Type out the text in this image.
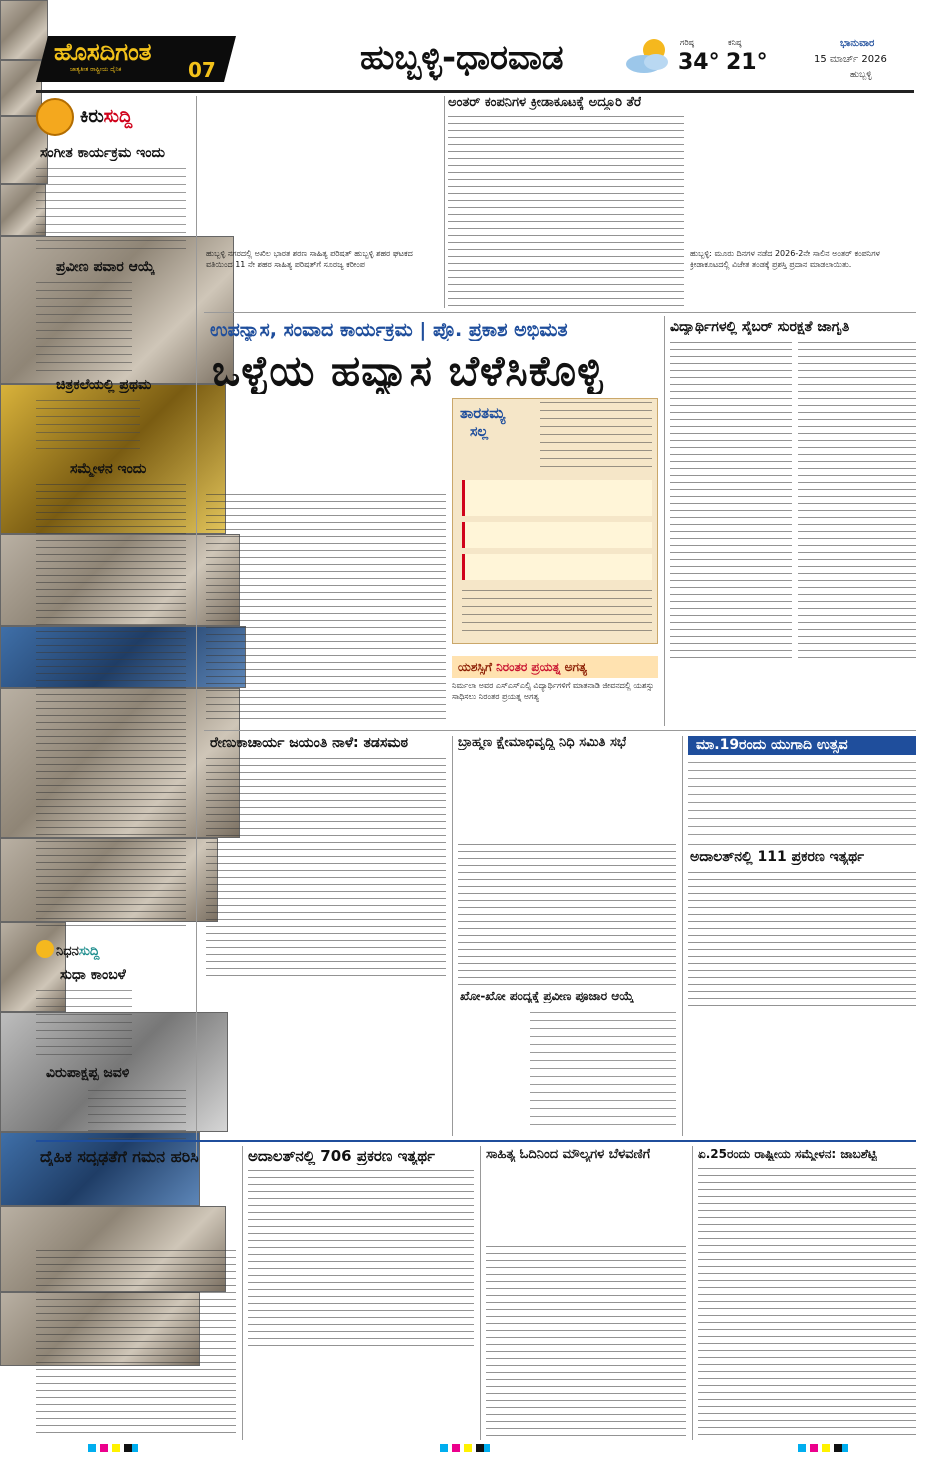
ಹೊಸದಿಗಂತ
ಜಾತ್ಯತೀತ ರಾಷ್ಟ್ರೀಯ ದೈನಿಕ	07	ಹುಬ್ಬಳ್ಳಿ-ಧಾರವಾಡ	ಗರಿಷ್ಠ
34°
ಕನಿಷ್ಠ
21°
ಭಾನುವಾರ
15 ಮಾರ್ಚ್ 2026
ಹುಬ್ಬಳ್ಳಿ
ಕಿರುಸುದ್ದಿ
ಸಂಗೀತ ಕಾರ್ಯಕ್ರಮ ಇಂದು
ಪ್ರವೀಣ ಪವಾರ ಆಯ್ಕೆ
ಚಿತ್ರಕಲೆಯಲ್ಲಿ ಪ್ರಥಮ
ಸಮ್ಮೇಳನ ಇಂದು
ನಿಧನಸುದ್ದಿ
ಸುಧಾ ಕಾಂಬಳೆ
ವಿರುಪಾಕ್ಷಪ್ಪ ಜವಳಿ
ಹುಬ್ಬಳ್ಳಿ ನಗರದಲ್ಲಿ ಅಖಿಲ ಭಾರತ ಶರಣ ಸಾಹಿತ್ಯ ಪರಿಷತ್ ಹುಬ್ಬಳ್ಳಿ ಶಹರ ಘಟಕದ ವತಿಯಿಂದ 11 ನೇ ಶಹರ ಸಾಹಿತ್ಯ ಪರಿಷತ್‌ಗೆ ಸೂರಜ್ಯ ಕರೀಂಪ
ಅಂತರ್ ಕಂಪನಿಗಳ ಕ್ರೀಡಾಕೂಟಕ್ಕೆ ಅದ್ದೂರಿ ತೆರೆ
ಹುಬ್ಬಳ್ಳಿ: ಮೂರು ದಿನಗಳ ನಡೆದ 2026-2ನೇ ಸಾಲಿನ ಅಂತರ್ ಕಂಪನಿಗಳ ಕ್ರೀಡಾಕೂಟದಲ್ಲಿ ವಿಜೇತ ತಂಡಕ್ಕೆ ಪ್ರಶಸ್ತಿ ಪ್ರದಾನ ಮಾಡಲಾಯಿತು.
ಉಪನ್ಯಾಸ, ಸಂವಾದ ಕಾರ್ಯಕ್ರಮ | ಪ್ರೊ. ಪ್ರಕಾಶ ಅಭಿಮತ
ಒಳ್ಳೆಯ ಹವ್ಯಾಸ ಬೆಳೆಸಿಕೊಳ್ಳಿ
ತಾರತಮ್ಯ
ಸಲ್ಲ
ಯಶಸ್ಸಿಗೆ ನಿರಂತರ ಪ್ರಯತ್ನ ಅಗತ್ಯ
ನಿರ್ಮಲಾ ಅವರ ಎಸ್ಎಸ್ಎಲ್ಸಿ ವಿದ್ಯಾರ್ಥಿಗಳಿಗೆ ಮಾತನಾಡಿ ಜೀವನದಲ್ಲಿ ಯಶಸ್ಸು ಸಾಧಿಸಲು ನಿರಂತರ ಪ್ರಯತ್ನ ಅಗತ್ಯ
ವಿದ್ಯಾರ್ಥಿಗಳಲ್ಲಿ ಸೈಬರ್ ಸುರಕ್ಷತೆ ಜಾಗೃತಿ
ರೇಣುಕಾಚಾರ್ಯ ಜಯಂತಿ ನಾಳೆ: ತಡಸಮಠ	ಬ್ರಾಹ್ಮಣ ಕ್ಷೇಮಾಭಿವೃದ್ಧಿ ನಿಧಿ ಸಮಿತಿ ಸಭೆ
ಖೋ-ಖೋ ಪಂದ್ಯಕ್ಕೆ ಪ್ರವೀಣ ಪೂಜಾರ ಆಯ್ಕೆ
ಮಾ.19ರಂದು ಯುಗಾದಿ ಉತ್ಸವ
ಅದಾಲತ್‌ನಲ್ಲಿ 111 ಪ್ರಕರಣ ಇತ್ಯರ್ಥ
ದೈಹಿಕ ಸದೃಢತೆಗೆ ಗಮನ ಹರಿಸಿ	ಅದಾಲತ್‌ನಲ್ಲಿ 706 ಪ್ರಕರಣ ಇತ್ಯರ್ಥ	ಸಾಹಿತ್ಯ ಓದಿನಿಂದ ಮೌಲ್ಯಗಳ ಬೆಳವಣಿಗೆ	ಏ.25ರಂದು ರಾಷ್ಟ್ರೀಯ ಸಮ್ಮೇಳನ: ಜಾಬಶೆಟ್ಟಿ
